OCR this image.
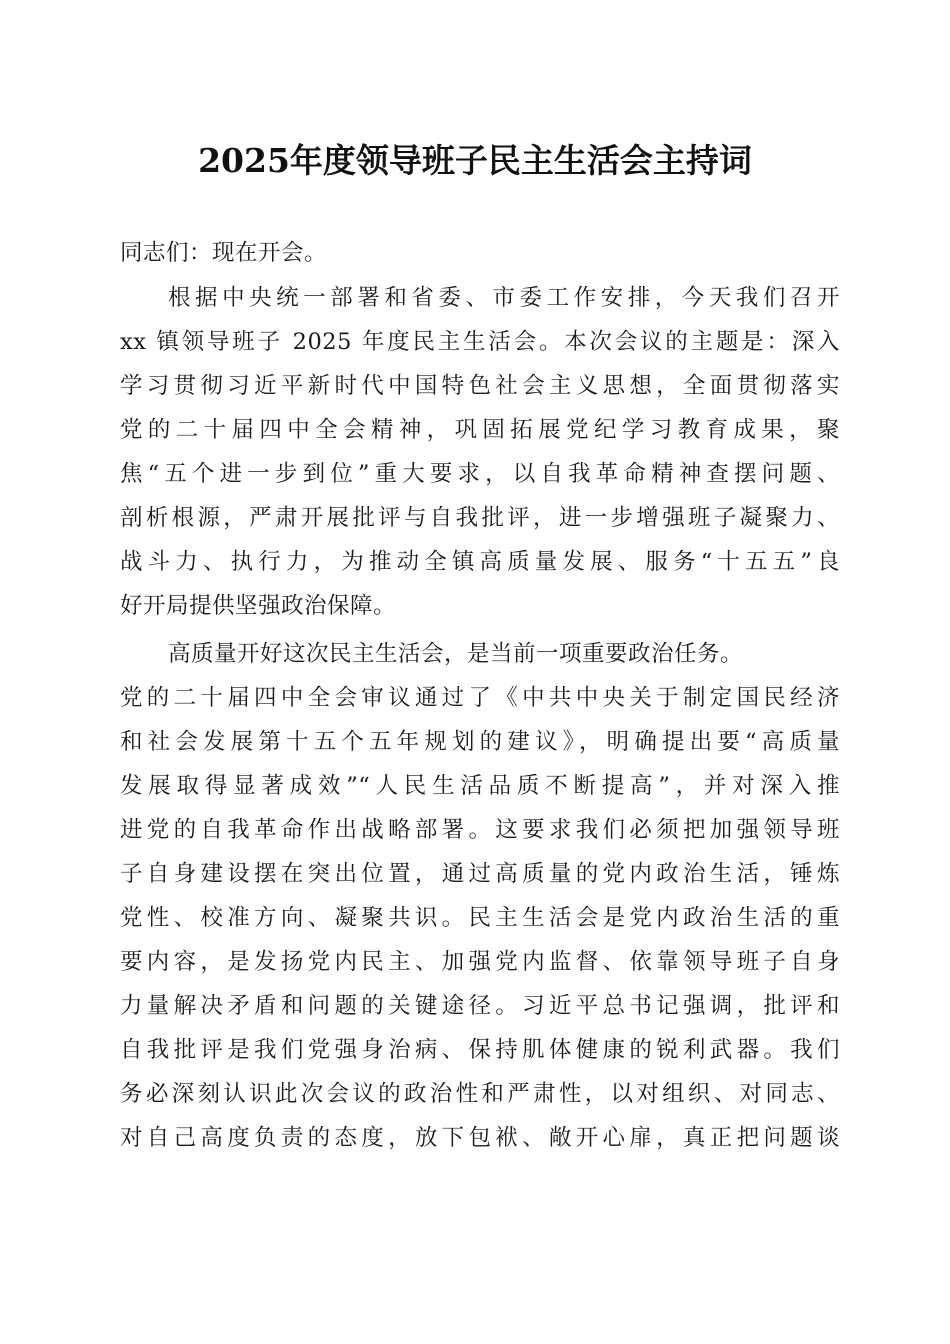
2025年度领导班子民主生活会主持词
同志们：现在开会。
根据中央统一部署和省委、市委工作安排，今天我们召开
xx 镇领导班子 2025 年度民主生活会。本次会议的主题是：深入
学习贯彻习近平新时代中国特色社会主义思想，全面贯彻落实
党的二十届四中全会精神，巩固拓展党纪学习教育成果，聚
焦“五个进一步到位”重大要求，以自我革命精神查摆问题、
剖析根源，严肃开展批评与自我批评，进一步增强班子凝聚力、
战斗力、执行力，为推动全镇高质量发展、服务“十五五”良
好开局提供坚强政治保障。
高质量开好这次民主生活会，是当前一项重要政治任务。
党的二十届四中全会审议通过了《中共中央关于制定国民经济
和社会发展第十五个五年规划的建议》，明确提出要“高质量
发展取得显著成效”“人民生活品质不断提高”，并对深入推
进党的自我革命作出战略部署。这要求我们必须把加强领导班
子自身建设摆在突出位置，通过高质量的党内政治生活，锤炼
党性、校准方向、凝聚共识。民主生活会是党内政治生活的重
要内容，是发扬党内民主、加强党内监督、依靠领导班子自身
力量解决矛盾和问题的关键途径。习近平总书记强调，批评和
自我批评是我们党强身治病、保持肌体健康的锐利武器。我们
务必深刻认识此次会议的政治性和严肃性，以对组织、对同志、
对自己高度负责的态度，放下包袱、敞开心扉，真正把问题谈
